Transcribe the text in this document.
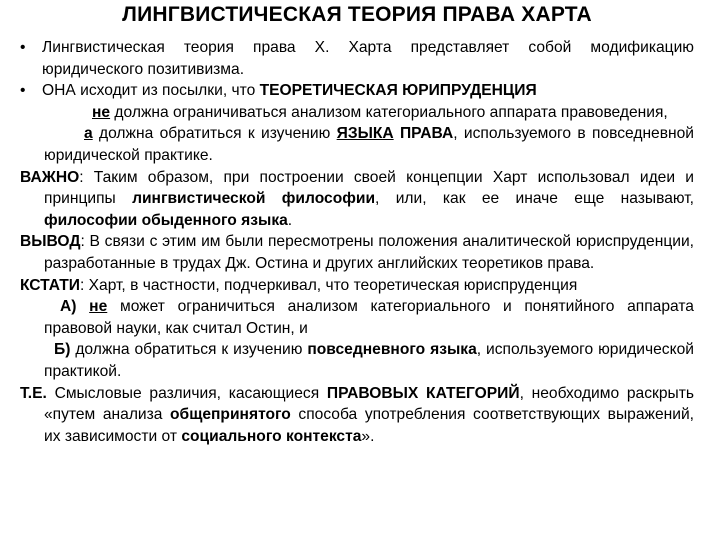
ЛИНГВИСТИЧЕСКАЯ ТЕОРИЯ ПРАВА ХАРТА
• Лингвистическая теория права Х. Харта представляет собой модификацию юридического позитивизма.
• ОНА исходит из посылки, что ТЕОРЕТИЧЕСКАЯ ЮРИПРУДЕНЦИЯ
не должна ограничиваться анализом категориального аппарата правоведения,
а должна обратиться к изучению ЯЗЫКА ПРАВА, используемого в повседневной юридической практике.
ВАЖНО: Таким образом, при построении своей концепции Харт использовал идеи и принципы лингвистической философии, или, как ее иначе еще называют, философии обыденного языка.
ВЫВОД: В связи с этим им были пересмотрены положения аналитической юриспруденции, разработанные в трудах Дж. Остина и других английских теоретиков права.
КСТАТИ: Харт, в частности, подчеркивал, что теоретическая юриспруденция
А) не может ограничиться анализом категориального и понятийного аппарата правовой науки, как считал Остин, и
Б) должна обратиться к изучению повседневного языка, используемого юридической практикой.
Т.Е. Смысловые различия, касающиеся ПРАВОВЫХ КАТЕГОРИЙ, необходимо раскрыть «путем анализа общепринятого способа употребления соответствующих выражений, их зависимости от социального контекста».
